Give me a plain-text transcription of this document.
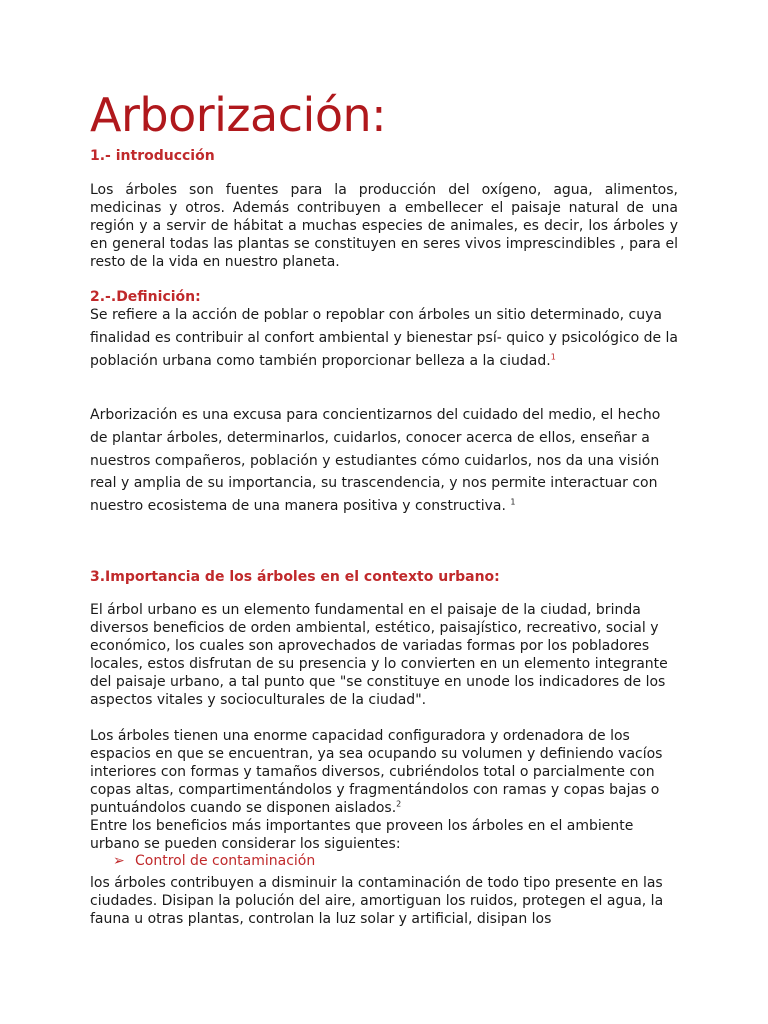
Arborización:
1.- introducción

Los árboles son fuentes para la producción del oxígeno, agua, alimentos, medicinas y otros. Además contribuyen a embellecer el paisaje natural de una región y a servir de hábitat a muchas especies de animales, es decir, los árboles y en general todas las plantas se constituyen en seres vivos imprescindibles , para el resto de la vida en nuestro planeta.

2.-.Definición:

Se refiere a la acción de poblar o repoblar con árboles un sitio determinado, cuya finalidad es contribuir al confort ambiental y bienestar psí- quico y psicológico de la población urbana como también proporcionar belleza a la ciudad.$^1$

Arborización es una excusa para concientizarnos del cuidado del medio, el hecho de plantar árboles, determinarlos, cuidarlos, conocer acerca de ellos, enseñar a nuestros compañeros, población y estudiantes cómo cuidarlos, nos da una visión real y amplia de su importancia, su trascendencia, y nos permite interactuar con nuestro ecosistema de una manera positiva y constructiva. $^1$

3.Importancia de los árboles en el contexto urbano:

El árbol urbano es un elemento fundamental en el paisaje de la ciudad, brinda diversos beneficios de orden ambiental, estético, paisajístico, recreativo, social y económico, los cuales son aprovechados de variadas formas por los pobladores locales, estos disfrutan de su presencia y lo convierten en un elemento integrante del paisaje urbano, a tal punto que "se constituye en unode los indicadores de los aspectos vitales y socioculturales de la ciudad".

Los árboles tienen una enorme capacidad configuradora y ordenadora de los espacios en que se encuentran, ya sea ocupando su volumen y definiendo vacíos interiores con formas y tamaños diversos, cubriéndolos total o parcialmente con copas altas, compartimentándolos y fragmentándolos con ramas y copas bajas o puntuándolos cuando se disponen aislados.$^2$

Entre los beneficios más importantes que proveen los árboles en el ambiente urbano se pueden considerar los siguientes:

➢ Control de contaminación

los árboles contribuyen a disminuir la contaminación de todo tipo presente en las ciudades. Disipan la polución del aire, amortiguan los ruidos, protegen el agua, la fauna u otras plantas, controlan la luz solar y artificial, disipan los
